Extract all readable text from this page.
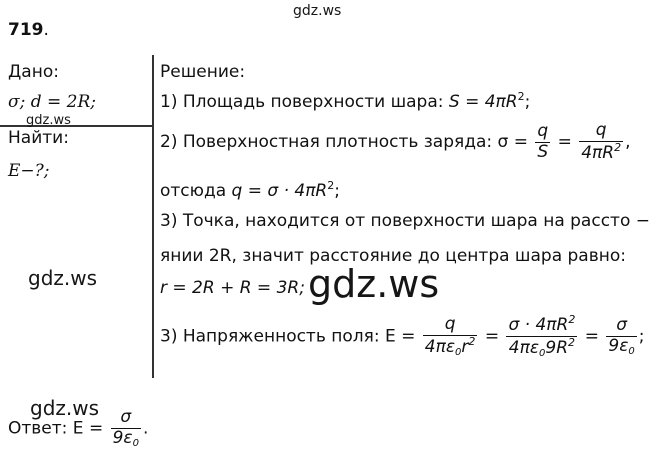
gdz.ws
719.
Дано:
σ; d = 2R;
gdz.ws
Найти:
E−?;
Решение:
1) Площадь поверхности шара: $S = 4\pi R^2$;
2) Поверхностная плотность заряда: $\sigma = \frac{q}{S} = \frac{q}{4\pi R^2}$ ,
отсюда $q = \sigma \cdot 4\pi R^2$;
3) Точка, находится от поверхности шара на рассто −
янии 2R, значит расстояние до центра шара равно:
r = 2R + R = 3R;
3) Напряженность поля: $E = \frac{q}{4\pi\varepsilon_0r^2} = \frac{\sigma \cdot 4\pi R^2}{4\pi\varepsilon_09R^2} = \frac{\sigma}{9\varepsilon_0}$ ;
gdz.ws	gdz.ws
gdz.ws
Ответ: $E = \frac{\sigma}{9\varepsilon_0}$ .
